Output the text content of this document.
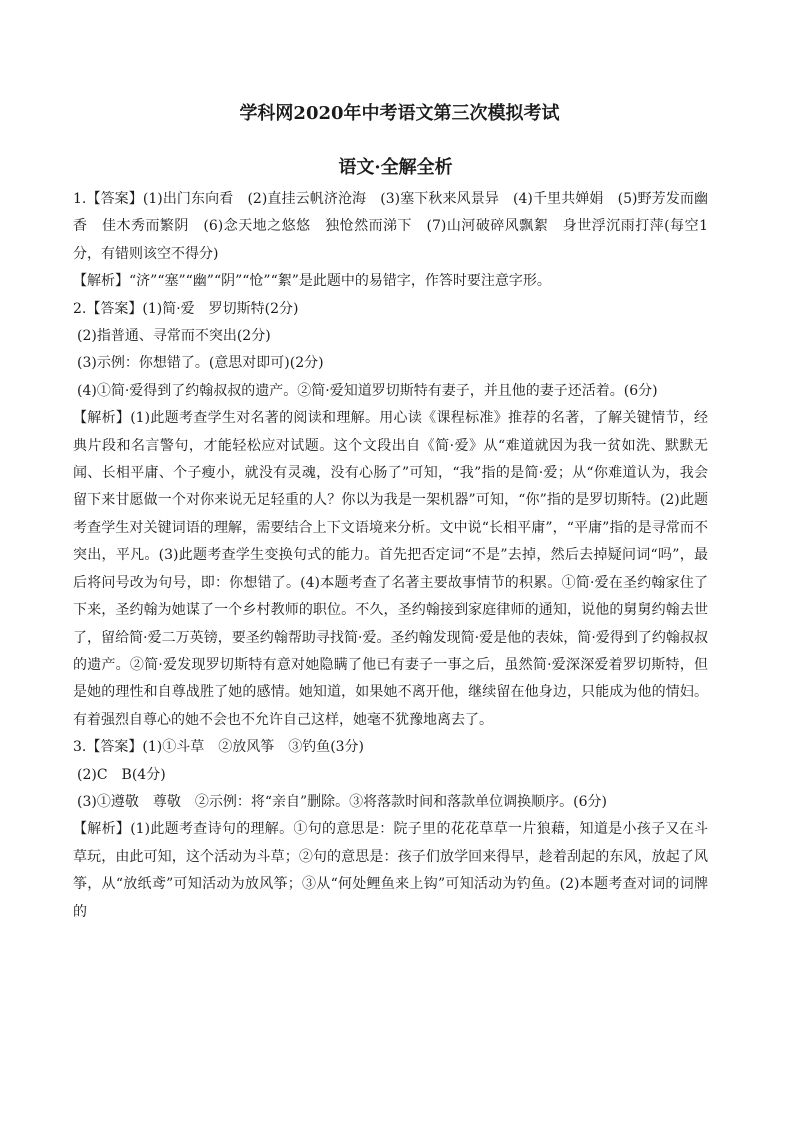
学科网2020年中考语文第三次模拟考试
语文·全解全析

1.【答案】(1)出门东向看　(2)直挂云帆济沧海　(3)塞下秋来风景异　(4)千里共婵娟　(5)野芳发而幽香　佳木秀而繁阴　(6)念天地之悠悠　独怆然而涕下　(7)山河破碎风飘絮　身世浮沉雨打萍(每空1分，有错则该空不得分)

【解析】“济”“塞”“幽”“阴”“怆”“絮”是此题中的易错字，作答时要注意字形。

2.【答案】(1)简·爱　罗切斯特(2分)

(2)指普通、寻常而不突出(2分)

(3)示例：你想错了。(意思对即可)(2分)

(4)①简·爱得到了约翰叔叔的遗产。②简·爱知道罗切斯特有妻子，并且他的妻子还活着。(6分)

【解析】(1)此题考查学生对名著的阅读和理解。用心读《课程标准》推荐的名著，了解关键情节，经典片段和名言警句，才能轻松应对试题。这个文段出自《简·爱》从“难道就因为我一贫如洗、默默无闻、长相平庸、个子瘦小，就没有灵魂，没有心肠了”可知，“我”指的是简·爱；从“你难道认为，我会留下来甘愿做一个对你来说无足轻重的人？你以为我是一架机器”可知，“你”指的是罗切斯特。(2)此题考查学生对关键词语的理解，需要结合上下文语境来分析。文中说“长相平庸”，“平庸”指的是寻常而不突出，平凡。(3)此题考查学生变换句式的能力。首先把否定词“不是”去掉，然后去掉疑问词“吗”，最后将问号改为句号，即：你想错了。(4)本题考查了名著主要故事情节的积累。①简·爱在圣约翰家住了下来，圣约翰为她谋了一个乡村教师的职位。不久，圣约翰接到家庭律师的通知，说他的舅舅约翰去世了，留给简·爱二万英镑，要圣约翰帮助寻找简·爱。圣约翰发现简·爱是他的表妹，简·爱得到了约翰叔叔的遗产。②简·爱发现罗切斯特有意对她隐瞒了他已有妻子一事之后，虽然简·爱深深爱着罗切斯特，但是她的理性和自尊战胜了她的感情。她知道，如果她不离开他，继续留在他身边，只能成为他的情妇。有着强烈自尊心的她不会也不允许自己这样，她毫不犹豫地离去了。

3.【答案】(1)①斗草　②放风筝　③钓鱼(3分)

(2)C　B(4分)

(3)①遵敬　尊敬　②示例：将“亲自”删除。③将落款时间和落款单位调换顺序。(6分)

【解析】(1)此题考查诗句的理解。①句的意思是：院子里的花花草草一片狼藉，知道是小孩子又在斗草玩，由此可知，这个活动为斗草；②句的意思是：孩子们放学回来得早，趁着刮起的东风，放起了风筝，从“放纸鸢”可知活动为放风筝；③从“何处鲤鱼来上钩”可知活动为钓鱼。(2)本题考查对词的词牌的
